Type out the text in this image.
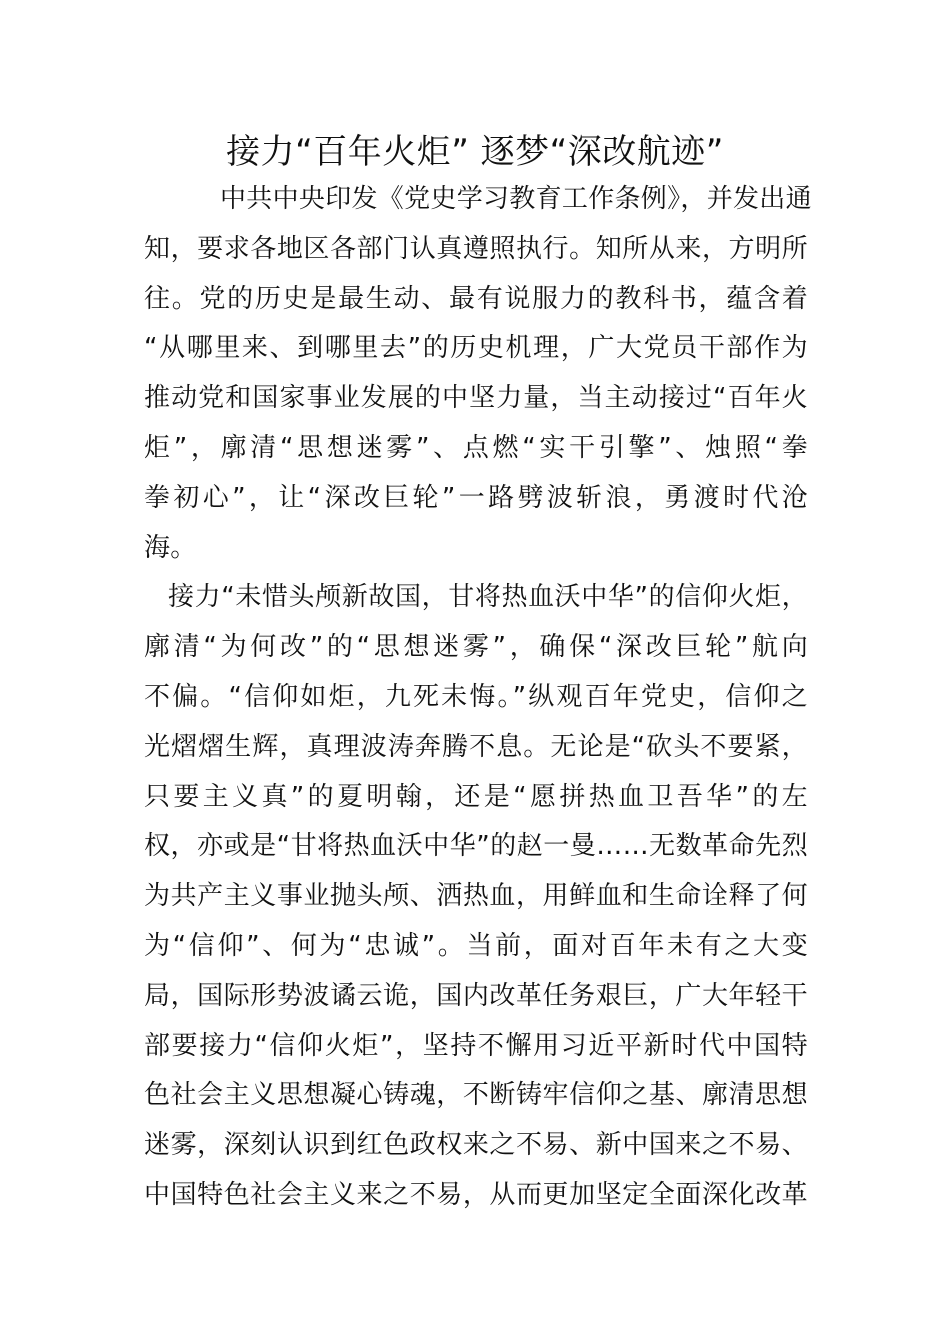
接力“百年火炬” 逐梦“深改航迹”
中共中央印发《党史学习教育工作条例》，并发出通
知，要求各地区各部门认真遵照执行。知所从来，方明所
往。党的历史是最生动、最有说服力的教科书，蕴含着
“从哪里来、到哪里去”的历史机理，广大党员干部作为
推动党和国家事业发展的中坚力量，当主动接过“百年火
炬”，廓清“思想迷雾”、点燃“实干引擎”、烛照“拳
拳初心”，让“深改巨轮”一路劈波斩浪，勇渡时代沧
海。
接力“未惜头颅新故国，甘将热血沃中华”的信仰火炬，
廓清“为何改”的“思想迷雾”，确保“深改巨轮”航向
不偏。“信仰如炬，九死未悔。”纵观百年党史，信仰之
光熠熠生辉，真理波涛奔腾不息。无论是“砍头不要紧，
只要主义真”的夏明翰，还是“愿拼热血卫吾华”的左
权，亦或是“甘将热血沃中华”的赵一曼……无数革命先烈
为共产主义事业抛头颅、洒热血，用鲜血和生命诠释了何
为“信仰”、何为“忠诚”。当前，面对百年未有之大变
局，国际形势波谲云诡，国内改革任务艰巨，广大年轻干
部要接力“信仰火炬”，坚持不懈用习近平新时代中国特
色社会主义思想凝心铸魂，不断铸牢信仰之基、廓清思想
迷雾，深刻认识到红色政权来之不易、新中国来之不易、
中国特色社会主义来之不易，从而更加坚定全面深化改革
